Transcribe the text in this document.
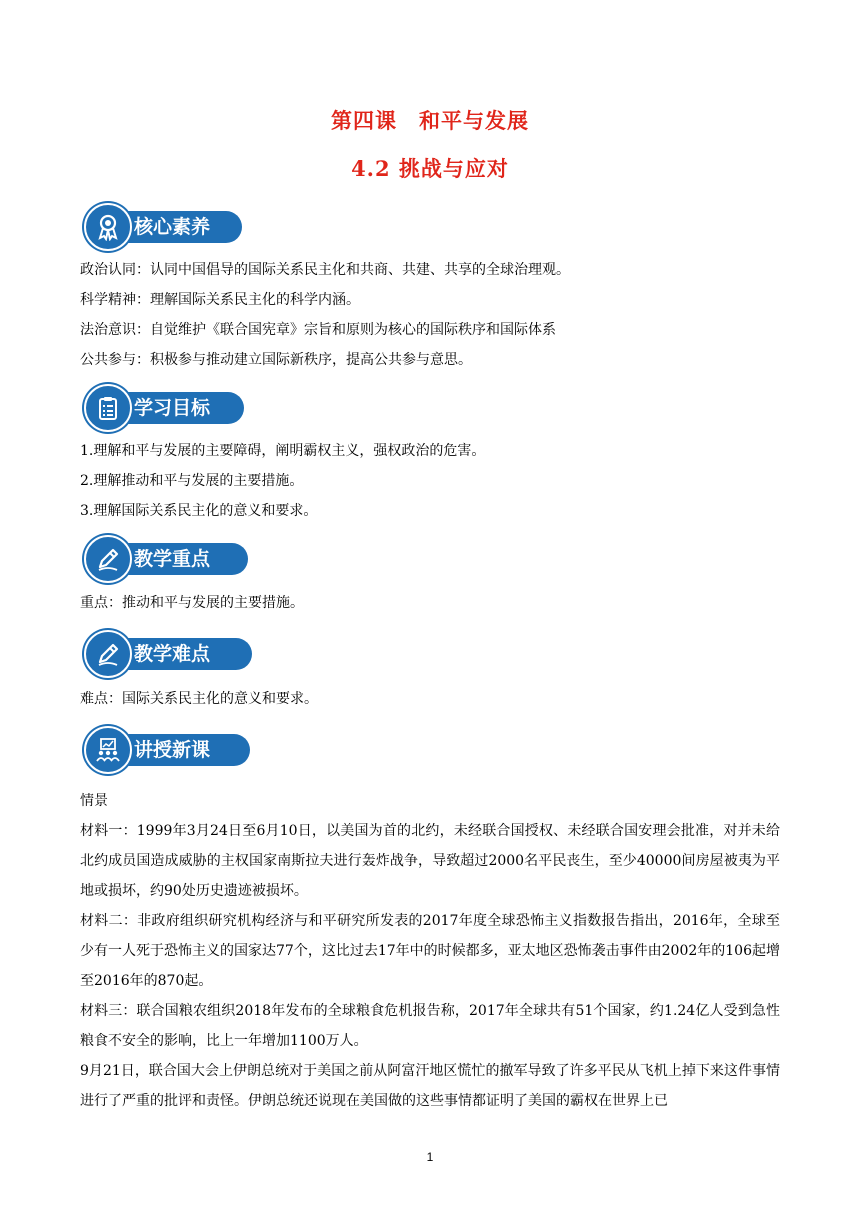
第四课　和平与发展
4.2 挑战与应对
核心素养
政治认同：认同中国倡导的国际关系民主化和共商、共建、共享的全球治理观。
科学精神：理解国际关系民主化的科学内涵。
法治意识：自觉维护《联合国宪章》宗旨和原则为核心的国际秩序和国际体系
公共参与：积极参与推动建立国际新秩序，提高公共参与意思。
学习目标
1.理解和平与发展的主要障碍，阐明霸权主义，强权政治的危害。
2.理解推动和平与发展的主要措施。
3.理解国际关系民主化的意义和要求。
教学重点
重点：推动和平与发展的主要措施。
教学难点
难点：国际关系民主化的意义和要求。
讲授新课
情景
材料一：1999年3月24日至6月10日，以美国为首的北约，未经联合国授权、未经联合国安理会批准，对并未给北约成员国造成威胁的主权国家南斯拉夫进行轰炸战争，导致超过2000名平民丧生，至少40000间房屋被夷为平地或损坏，约90处历史遗迹被损坏。
材料二：非政府组织研究机构经济与和平研究所发表的2017年度全球恐怖主义指数报告指出，2016年，全球至少有一人死于恐怖主义的国家达77个，这比过去17年中的时候都多，亚太地区恐怖袭击事件由2002年的106起增至2016年的870起。
材料三：联合国粮农组织2018年发布的全球粮食危机报告称，2017年全球共有51个国家，约1.24亿人受到急性粮食不安全的影响，比上一年增加1100万人。
9月21日，联合国大会上伊朗总统对于美国之前从阿富汗地区慌忙的撤军导致了许多平民从飞机上掉下来这件事情进行了严重的批评和责怪。伊朗总统还说现在美国做的这些事情都证明了美国的霸权在世界上已
1
